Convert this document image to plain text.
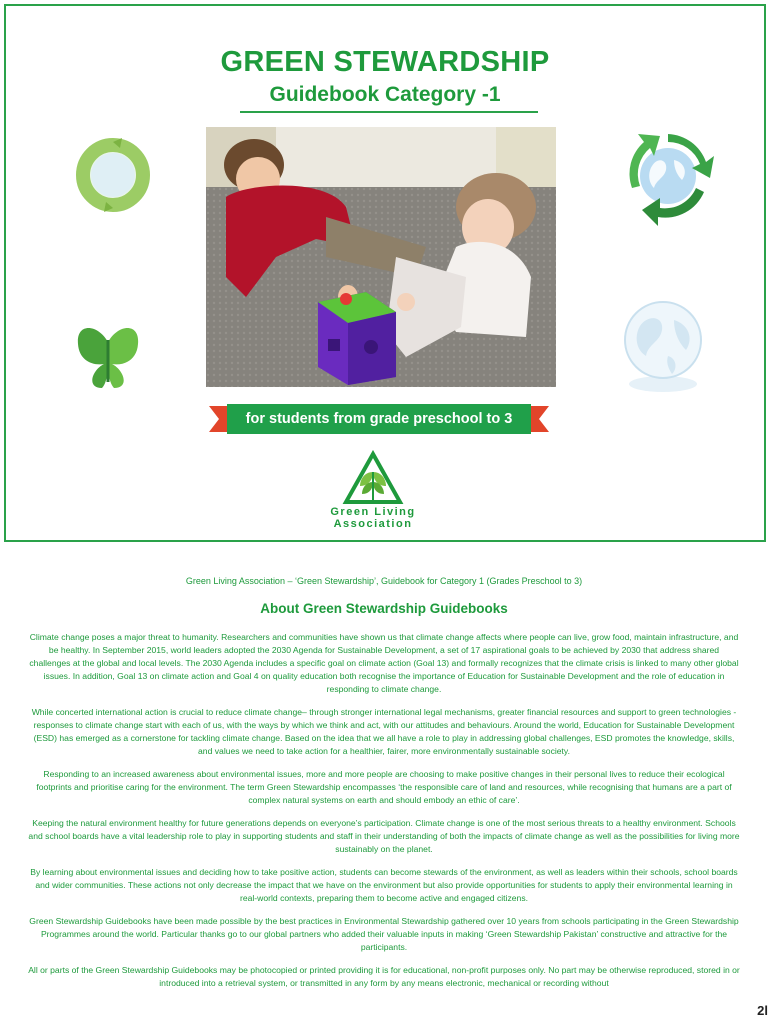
GREEN STEWARDSHIP
Guidebook Category -1
for students from grade preschool to 3
Green Living
Association
Green Living Association – ‘Green Stewardship’, Guidebook for Category 1 (Grades Preschool to 3)
About Green Stewardship Guidebooks

Climate change poses a major threat to humanity. Researchers and communities have shown us that climate change affects where people can live, grow food, maintain infrastructure, and be healthy. In September 2015, world leaders adopted the 2030 Agenda for Sustainable Development, a set of 17 aspirational goals to be achieved by 2030 that address shared challenges at the global and local levels. The 2030 Agenda includes a specific goal on climate action (Goal 13) and formally recognizes that the climate crisis is linked to many other global issues. In addition, Goal 13 on climate action and Goal 4 on quality education both recognise the importance of Education for Sustainable Development and the role of education in responding to climate change.

While concerted international action is crucial to reduce climate change– through stronger international legal mechanisms, greater financial resources and support to green technologies - responses to climate change start with each of us, with the ways by which we think and act, with our attitudes and behaviours. Around the world, Education for Sustainable Development (ESD) has emerged as a cornerstone for tackling climate change. Based on the idea that we all have a role to play in addressing global challenges, ESD promotes the knowledge, skills, and values we need to take action for a healthier, fairer, more environmentally sustainable society.

Responding to an increased awareness about environmental issues, more and more people are choosing to make positive changes in their personal lives to reduce their ecological footprints and prioritise caring for the environment. The term Green Stewardship encompasses ‘the responsible care of land and resources, while recognising that humans are a part of complex natural systems on earth and should embody an ethic of care’.

Keeping the natural environment healthy for future generations depends on everyone’s participation. Climate change is one of the most serious threats to a healthy environment. Schools and school boards have a vital leadership role to play in supporting students and staff in their understanding of both the impacts of climate change as well as the possibilities for living more sustainably on the planet.

By learning about environmental issues and deciding how to take positive action, students can become stewards of the environment, as well as leaders within their schools, school boards and wider communities. These actions not only decrease the impact that we have on the environment but also provide opportunities for students to apply their environmental learning in real-world contexts, preparing them to become active and engaged citizens.

Green Stewardship Guidebooks have been made possible by the best practices in Environmental Stewardship gathered over 10 years from schools participating in the Green Stewardship Programmes around the world. Particular thanks go to our global partners who added their valuable inputs in making ‘Green Stewardship Pakistan’ constructive and attractive for the participants.

All or parts of the Green Stewardship Guidebooks may be photocopied or printed providing it is for educational, non-profit purposes only. No part may be otherwise reproduced, stored in or introduced into a retrieval system, or transmitted in any form by any means electronic, mechanical or recording without

2l
